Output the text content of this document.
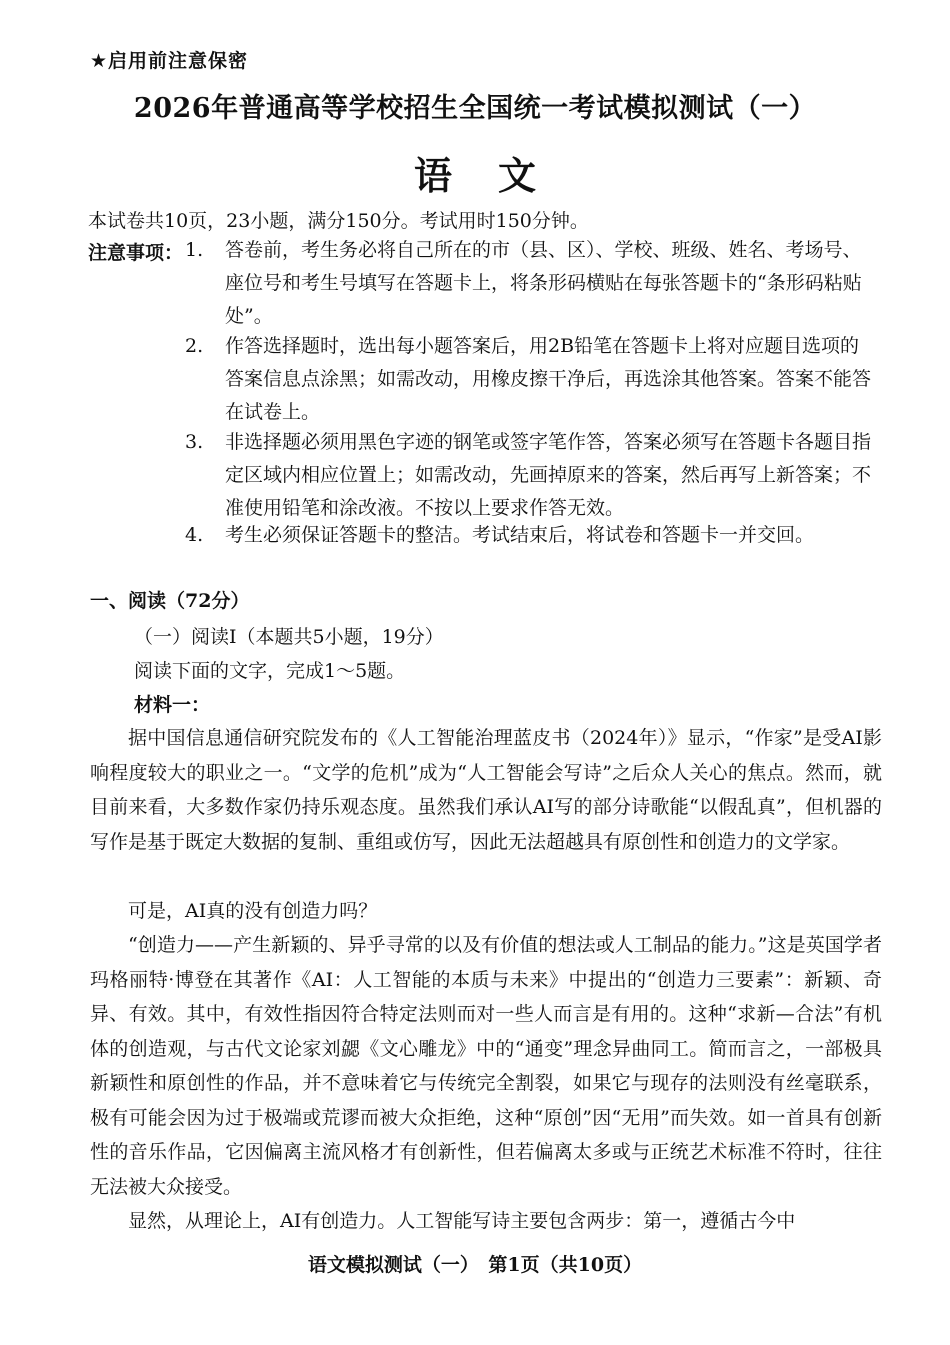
★启用前注意保密
2026年普通高等学校招生全国统一考试模拟测试（一）
语文
本试卷共10页，23小题，满分150分。考试用时150分钟。
注意事项： 1. 答卷前，考生务必将自己所在的市（县、区）、学校、班级、姓名、考场号、座位号和考生号填写在答题卡上，将条形码横贴在每张答题卡的“条形码粘贴处”。
2. 作答选择题时，选出每小题答案后，用2B铅笔在答题卡上将对应题目选项的答案信息点涂黑；如需改动，用橡皮擦干净后，再选涂其他答案。答案不能答在试卷上。
3. 非选择题必须用黑色字迹的钢笔或签字笔作答，答案必须写在答题卡各题目指定区域内相应位置上；如需改动，先画掉原来的答案，然后再写上新答案；不准使用铅笔和涂改液。不按以上要求作答无效。
4. 考生必须保证答题卡的整洁。考试结束后，将试卷和答题卡一并交回。
一、阅读（72分）
（一）阅读Ⅰ（本题共5小题，19分）
阅读下面的文字，完成1～5题。
材料一：
据中国信息通信研究院发布的《人工智能治理蓝皮书（2024年）》显示，“作家”是受AI影响程度较大的职业之一。“文学的危机”成为“人工智能会写诗”之后众人关心的焦点。然而，就目前来看，大多数作家仍持乐观态度。虽然我们承认AI写的部分诗歌能“以假乱真”，但机器的写作是基于既定大数据的复制、重组或仿写，因此无法超越具有原创性和创造力的文学家。
可是，AI真的没有创造力吗？
“创造力——产生新颖的、异乎寻常的以及有价值的想法或人工制品的能力。”这是英国学者玛格丽特·博登在其著作《AI：人工智能的本质与未来》中提出的“创造力三要素”：新颖、奇异、有效。其中，有效性指因符合特定法则而对一些人而言是有用的。这种“求新—合法”有机体的创造观，与古代文论家刘勰《文心雕龙》中的“通变”理念异曲同工。简而言之，一部极具新颖性和原创性的作品，并不意味着它与传统完全割裂，如果它与现存的法则没有丝毫联系，极有可能会因为过于极端或荒谬而被大众拒绝，这种“原创”因“无用”而失效。如一首具有创新性的音乐作品，它因偏离主流风格才有创新性，但若偏离太多或与正统艺术标准不符时，往往无法被大众接受。
显然，从理论上，AI有创造力。人工智能写诗主要包含两步：第一，遵循古今中
语文模拟测试（一）　第1页（共10页）
